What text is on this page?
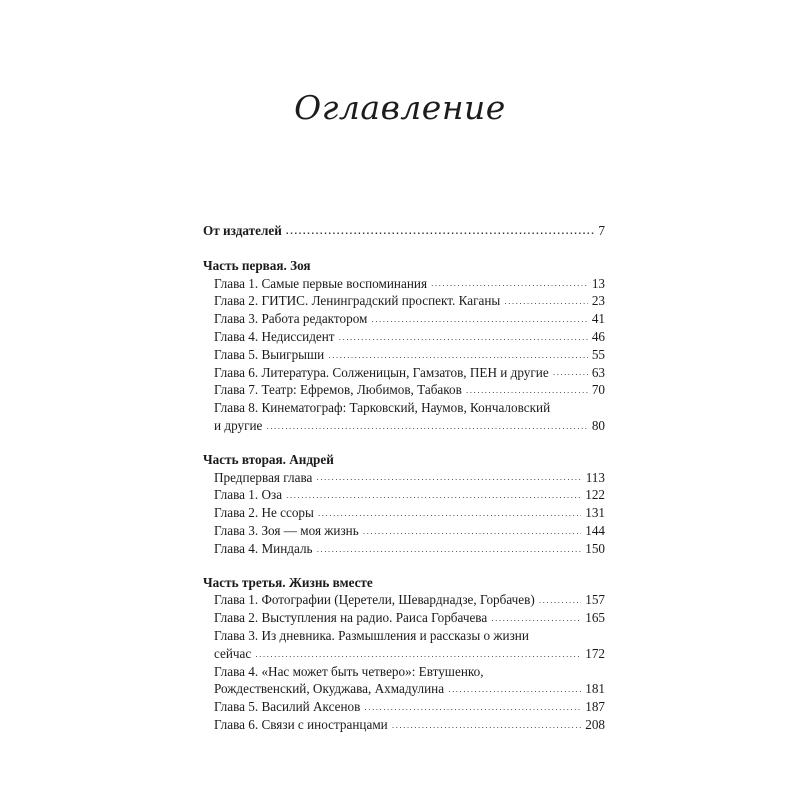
Оглавление
От издателей .....	7
Часть первая. Зоя
Глава 1. Самые первые воспоминания .....	13
Глава 2. ГИТИС. Ленинградский проспект. Каганы .....	23
Глава 3. Работа редактором .....	41
Глава 4. Недиссидент .....	46
Глава 5. Выигрыши .....	55
Глава 6. Литература. Солженицын, Гамзатов, ПЕН и другие .....	63
Глава 7. Театр: Ефремов, Любимов, Табаков .....	70
Глава 8. Кинематограф: Тарковский, Наумов, Кончаловский
и другие .....	80
Часть вторая. Андрей
Предпервая глава .....	113
Глава 1. Оза .....	122
Глава 2. Не ссоры .....	131
Глава 3. Зоя — моя жизнь .....	144
Глава 4. Миндаль .....	150
Часть третья. Жизнь вместе
Глава 1. Фотографии (Церетели, Шеварднадзе, Горбачев) .....	157
Глава 2. Выступления на радио. Раиса Горбачева .....	165
Глава 3. Из дневника. Размышления и рассказы о жизни
сейчас .....	172
Глава 4. «Нас может быть четверо»: Евтушенко,
Рождественский, Окуджава, Ахмадулина .....	181
Глава 5. Василий Аксенов .....	187
Глава 6. Связи с иностранцами .....	208
